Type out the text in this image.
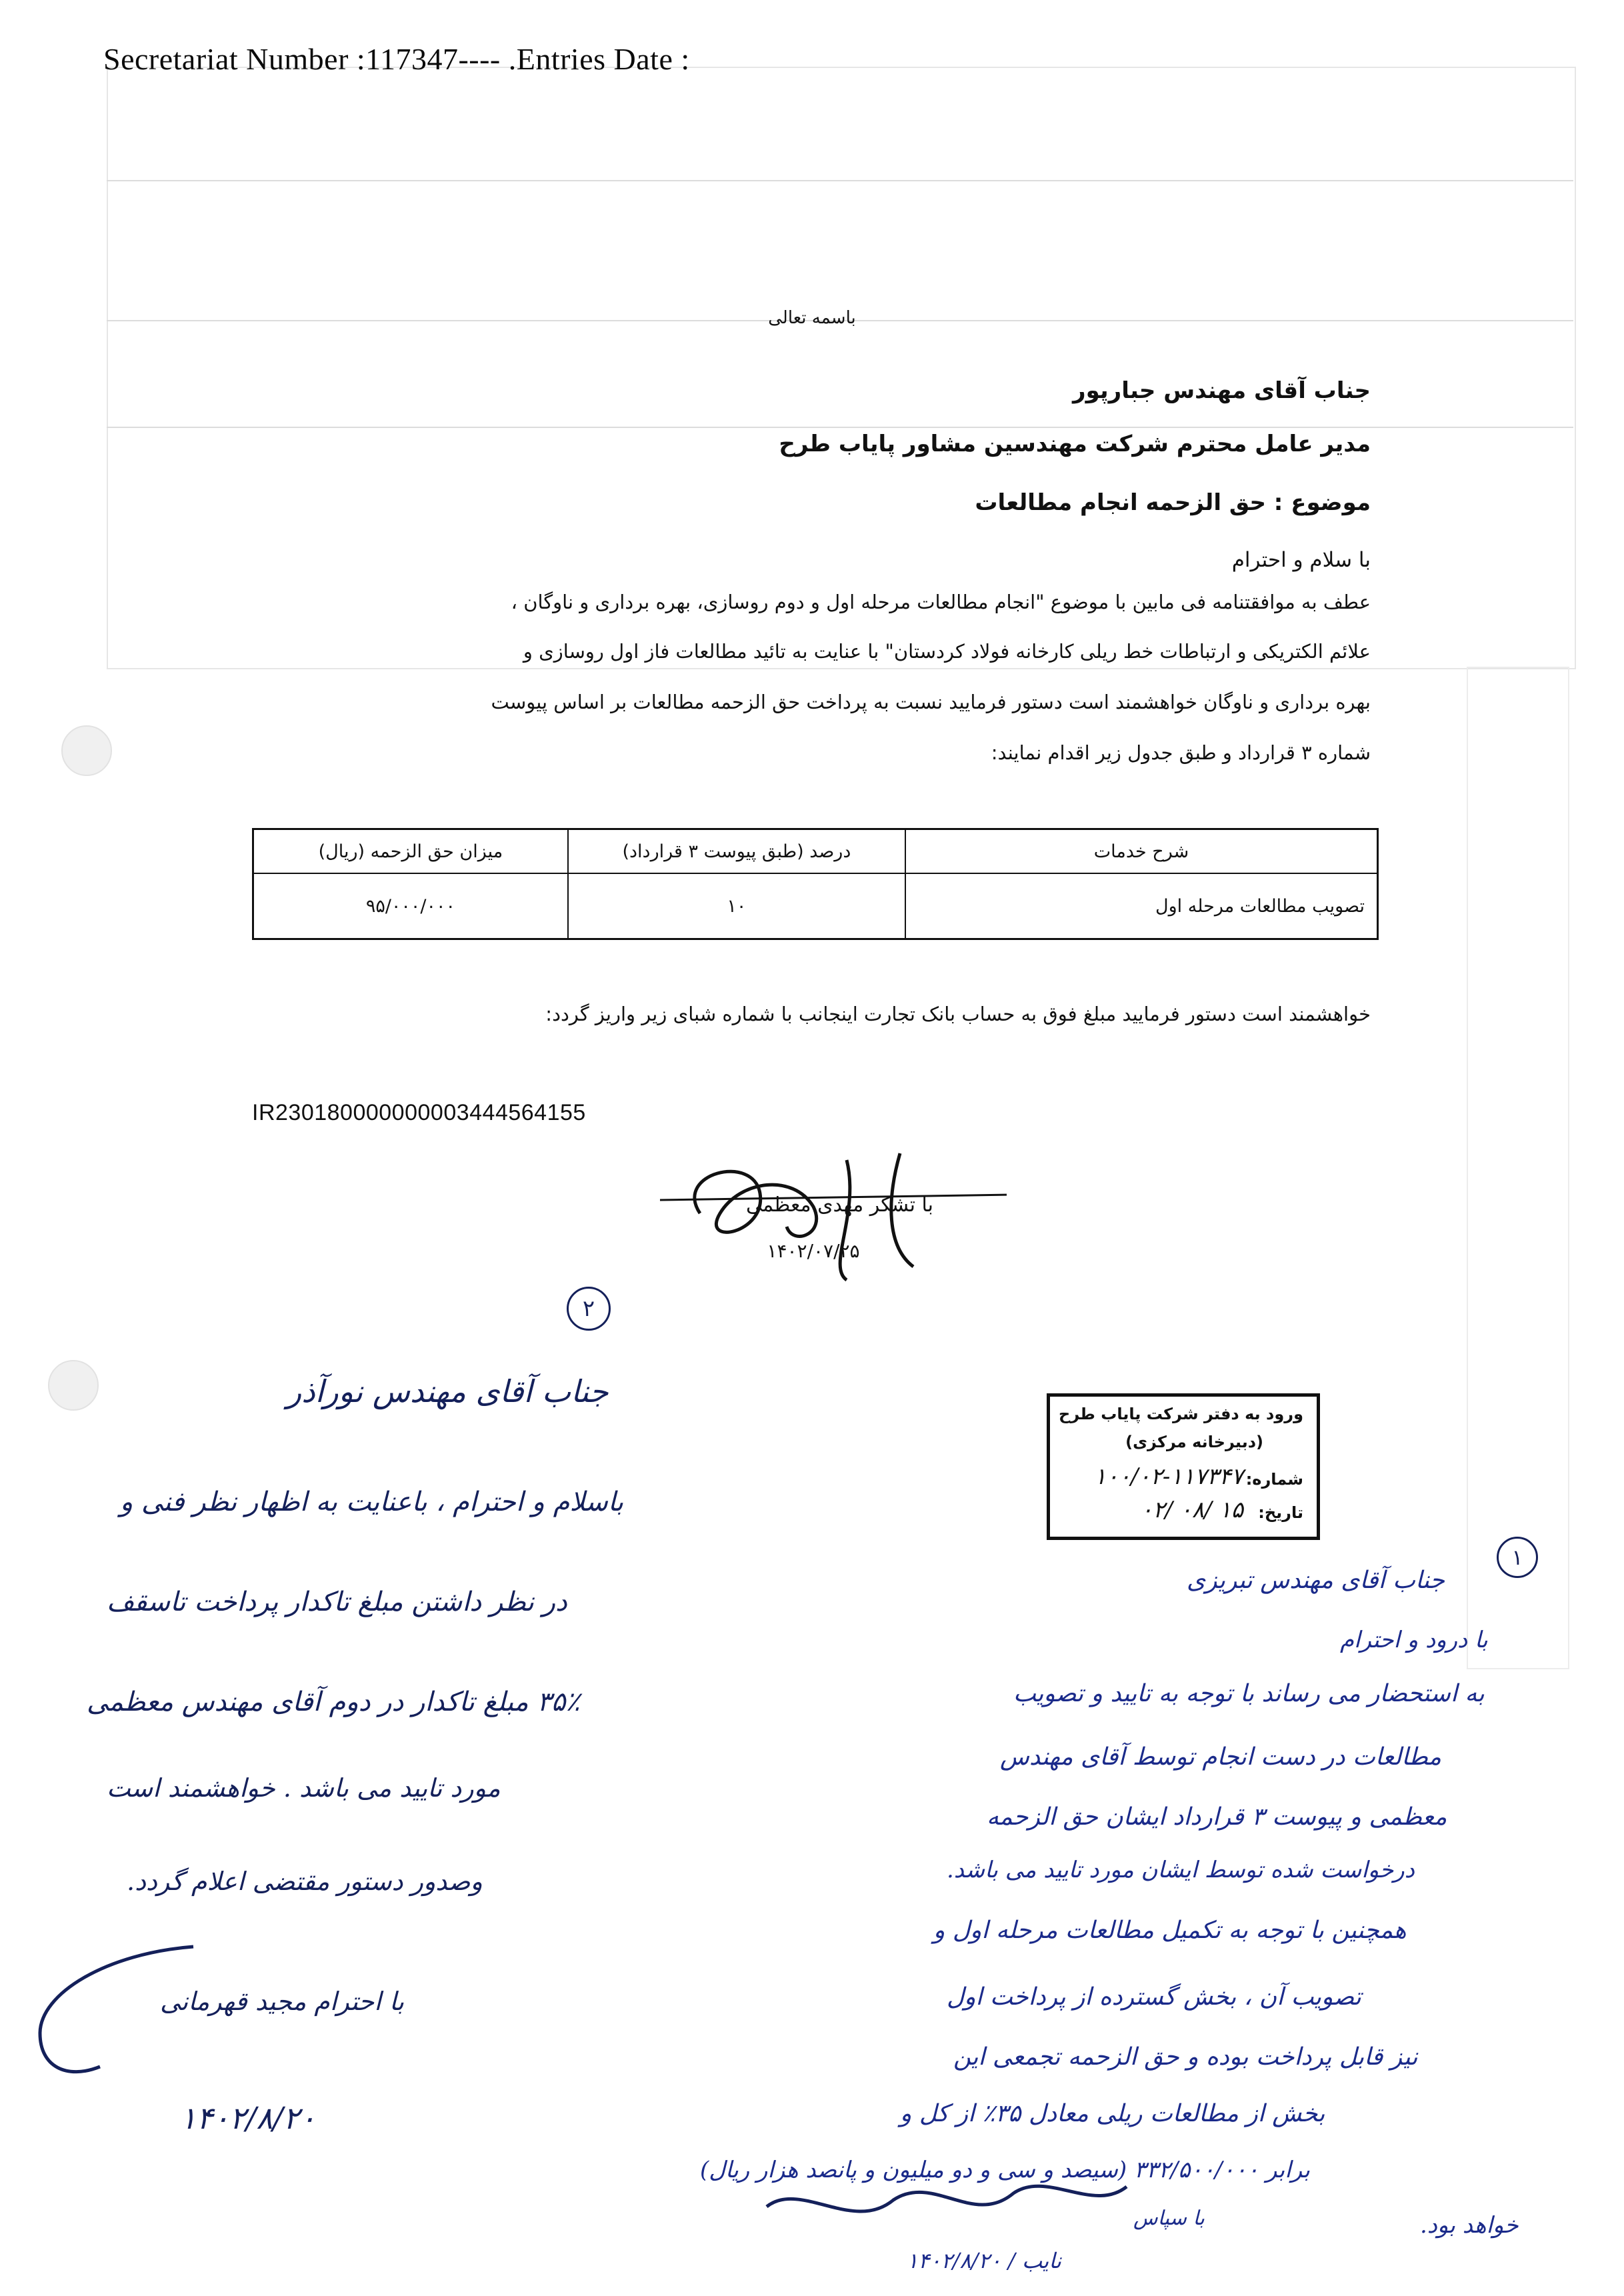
Secretariat Number :117347---- .Entries Date :
باسمه تعالی
جناب آقای مهندس جبارپور
مدیر عامل محترم شرکت مهندسین مشاور پایاب طرح
موضوع : حق الزحمه انجام مطالعات
با سلام و احترام
عطف به موافقتنامه فی مابین با موضوع "انجام مطالعات مرحله اول و دوم روسازی، بهره برداری و ناوگان ،
علائم الکتریکی و ارتباطات خط ریلی کارخانه فولاد کردستان" با عنایت به تائید مطالعات فاز اول روسازی و
بهره برداری و ناوگان خواهشمند است دستور فرمایید نسبت به پرداخت حق الزحمه مطالعات بر اساس پیوست
شماره ۳ قرارداد و طبق جدول زیر اقدام نمایند:
شرح خدمات	درصد (طبق پیوست ۳ قرارداد)	میزان حق الزحمه (ریال)
تصویب مطالعات مرحله اول	۱۰	۹۵/۰۰۰/۰۰۰
خواهشمند است دستور فرمایید مبلغ فوق به حساب بانک تجارت اینجانب با شماره شبای زیر واریز گردد:
IR230180000000003444564155
با تشکر مهدی معظمی
۱۴۰۲/۰۷/۲۵
ورود به دفتر شرکت پایاب طرح
(دبیرخانه مرکزی)
شماره:
۱۰۰/۰۲-۱۱۷۳۴۷
تاریخ:
۱۵ /۰۸ /۰۲
۲
جناب آقای مهندس نورآذر
باسلام و احترام ، باعنایت به اظهار نظر فنی و
در نظر داشتن مبلغ تاکدار پرداخت تاسقف
۳۵٪ مبلغ تاکدار در دوم آقای مهندس معظمی
مورد تایید می باشد . خواهشمند است
وصدور دستور مقتضی اعلام گردد.
با احترام مجید قهرمانی
۱۴۰۲/۸/۲۰
۱
جناب آقای مهندس تبریزی
با درود و احترام
به استحضار می رساند با توجه به تایید و تصویب
مطالعات در دست انجام توسط آقای مهندس
معظمی و پیوست ۳ قرارداد ایشان حق الزحمه
درخواست شده توسط ایشان مورد تایید می باشد.
همچنین با توجه به تکمیل مطالعات مرحله اول و
تصویب آن ، بخش گسترده از پرداخت اول
نیز قابل پرداخت بوده و حق الزحمه تجمعی این
بخش از مطالعات ریلی معادل ۳۵٪ از کل و
برابر ۳۳۲/۵۰۰/۰۰۰ (سیصد و سی و دو میلیون و پانصد هزار ریال)
خواهد بود.
با سپاس
نایب / ۱۴۰۲/۸/۲۰
